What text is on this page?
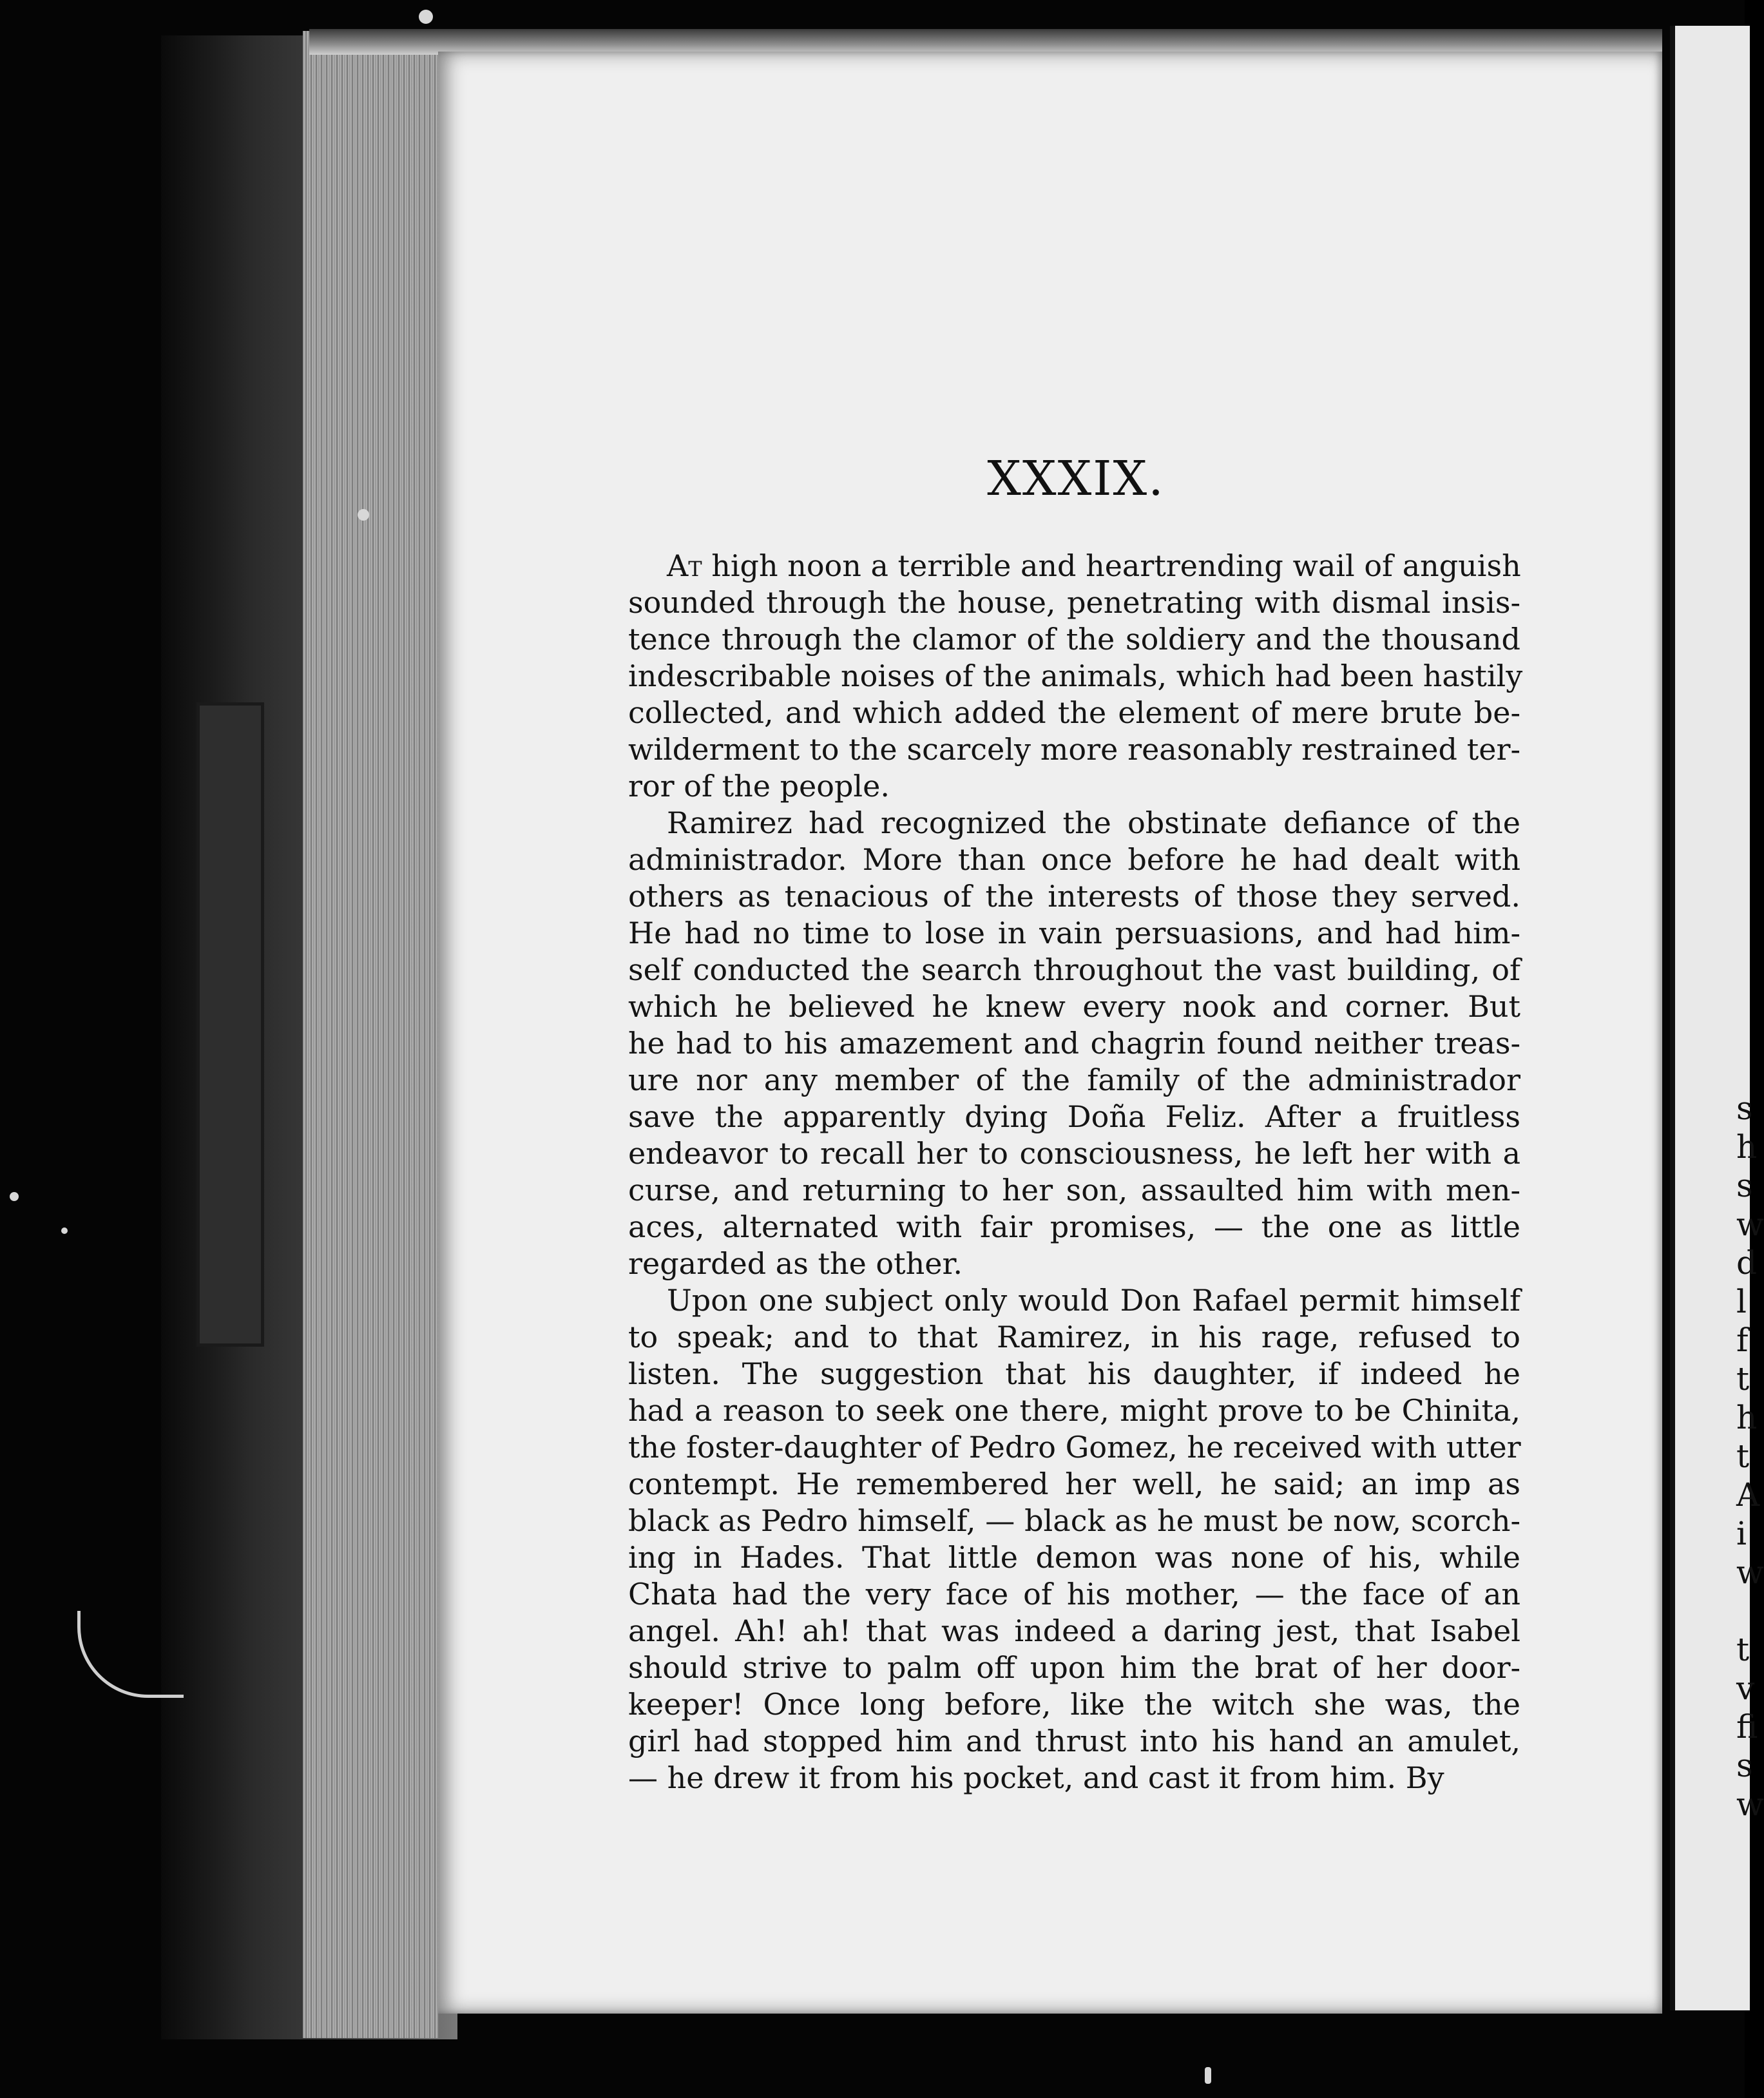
s
h
s
w
d
l
f
t
h
t
A
i
w

t
v
fi
s
w
XXXIX.
At high noon a terrible and heartrending wail of anguish
sounded through the house, penetrating with dismal insis-
tence through the clamor of the soldiery and the thousand
indescribable noises of the animals, which had been hastily
collected, and which added the element of mere brute be-
wilderment to the scarcely more reasonably restrained ter-
ror of the people.
Ramirez had recognized the obstinate defiance of the
administrador. More than once before he had dealt with
others as tenacious of the interests of those they served.
He had no time to lose in vain persuasions, and had him-
self conducted the search throughout the vast building, of
which he believed he knew every nook and corner. But
he had to his amazement and chagrin found neither treas-
ure nor any member of the family of the administrador
save the apparently dying Doña Feliz. After a fruitless
endeavor to recall her to consciousness, he left her with a
curse, and returning to her son, assaulted him with men-
aces, alternated with fair promises, — the one as little
regarded as the other.
Upon one subject only would Don Rafael permit himself
to speak; and to that Ramirez, in his rage, refused to
listen. The suggestion that his daughter, if indeed he
had a reason to seek one there, might prove to be Chinita,
the foster-daughter of Pedro Gomez, he received with utter
contempt. He remembered her well, he said; an imp as
black as Pedro himself, — black as he must be now, scorch-
ing in Hades. That little demon was none of his, while
Chata had the very face of his mother, — the face of an
angel. Ah! ah! that was indeed a daring jest, that Isabel
should strive to palm off upon him the brat of her door-
keeper! Once long before, like the witch she was, the
girl had stopped him and thrust into his hand an amulet,
— he drew it from his pocket, and cast it from him. By
